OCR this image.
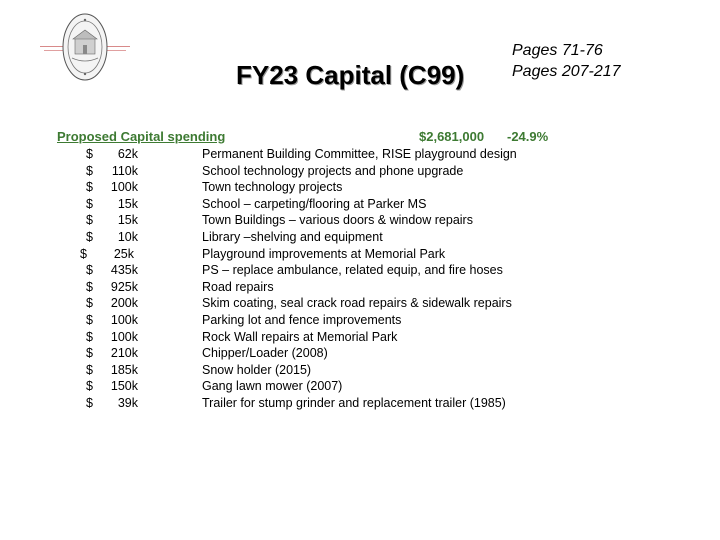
Pages 71-76
Pages 207-217
FY23 Capital (C99)
Proposed Capital spending	$2,681,000 -24.9%
$	62k	Permanent Building Committee, RISE playground design
$	110k	School technology projects and phone upgrade
$	100k	Town technology projects
$	15k	School – carpeting/flooring at Parker MS
$	15k	Town Buildings – various doors & window repairs
$	10k	Library –shelving and equipment
$	25k	Playground improvements at Memorial Park
$	435k	PS – replace ambulance, related equip, and fire hoses
$	925k	Road repairs
$	200k	Skim coating, seal crack road repairs & sidewalk repairs
$	100k	Parking lot and fence improvements
$	100k	Rock Wall repairs at Memorial Park
$	210k	Chipper/Loader (2008)
$	185k	Snow holder (2015)
$	150k	Gang lawn mower (2007)
$	39k	Trailer for stump grinder and replacement trailer (1985)
